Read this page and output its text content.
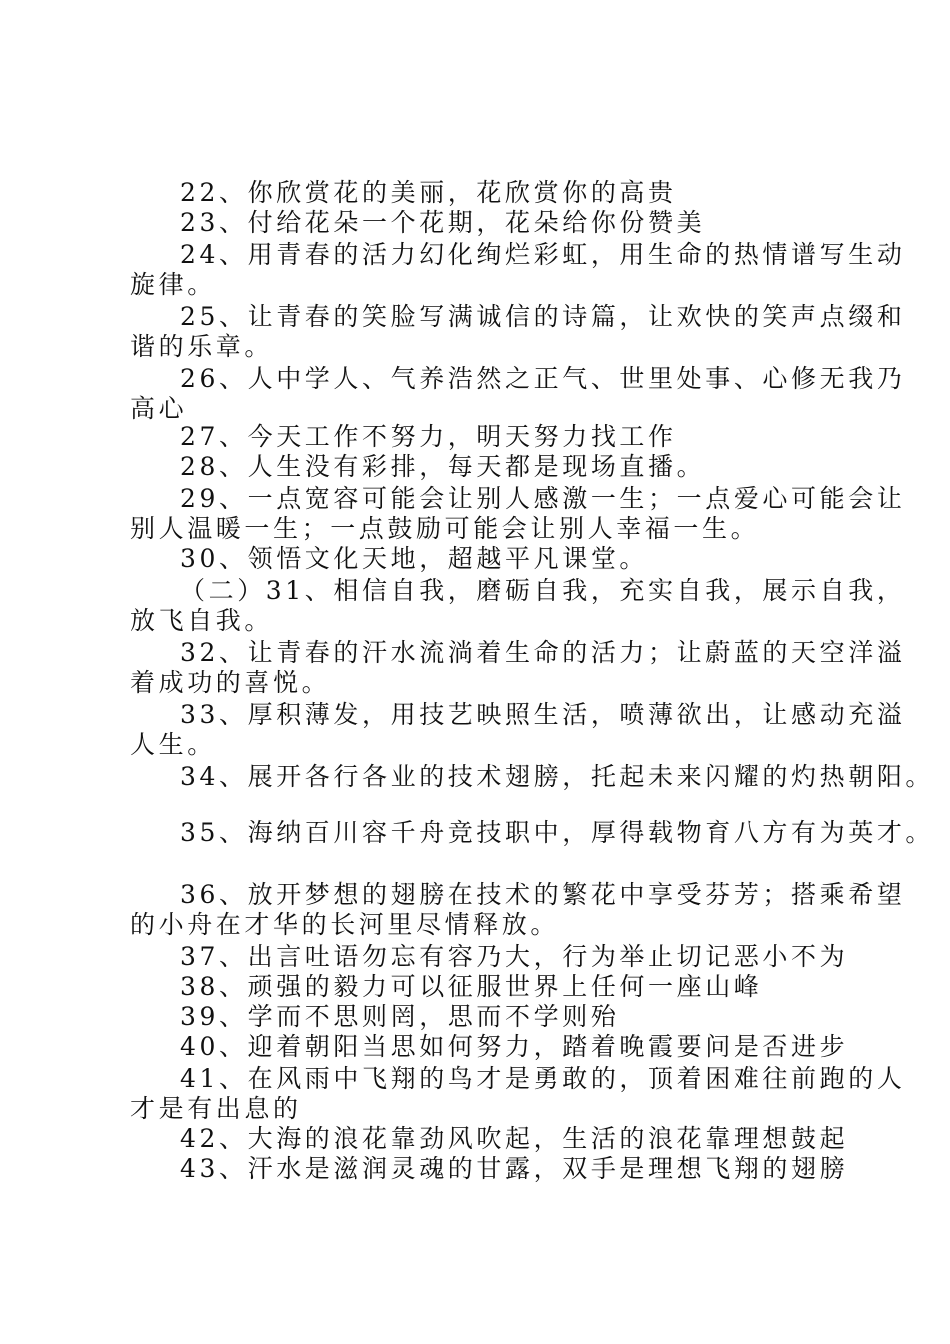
22、你欣赏花的美丽，花欣赏你的高贵
23、付给花朵一个花期，花朵给你份赞美
24、用青春的活力幻化绚烂彩虹，用生命的热情谱写生动
旋律。
25、让青春的笑脸写满诚信的诗篇，让欢快的笑声点缀和
谐的乐章。
26、人中学人、气养浩然之正气、世里处事、心修无我乃
高心
27、今天工作不努力，明天努力找工作
28、人生没有彩排，每天都是现场直播。
29、一点宽容可能会让别人感激一生；一点爱心可能会让
别人温暖一生；一点鼓励可能会让别人幸福一生。
30、领悟文化天地，超越平凡课堂。
（二）31、相信自我，磨砺自我，充实自我，展示自我，
放飞自我。
32、让青春的汗水流淌着生命的活力；让蔚蓝的天空洋溢
着成功的喜悦。
33、厚积薄发，用技艺映照生活，喷薄欲出，让感动充溢
人生。
34、展开各行各业的技术翅膀，托起未来闪耀的灼热朝阳。
35、海纳百川容千舟竞技职中，厚得载物育八方有为英才。
36、放开梦想的翅膀在技术的繁花中享受芬芳；搭乘希望
的小舟在才华的长河里尽情释放。
37、出言吐语勿忘有容乃大，行为举止切记恶小不为
38、顽强的毅力可以征服世界上任何一座山峰
39、学而不思则罔，思而不学则殆
40、迎着朝阳当思如何努力，踏着晚霞要问是否进步
41、在风雨中飞翔的鸟才是勇敢的，顶着困难往前跑的人
才是有出息的
42、大海的浪花靠劲风吹起，生活的浪花靠理想鼓起
43、汗水是滋润灵魂的甘露，双手是理想飞翔的翅膀
